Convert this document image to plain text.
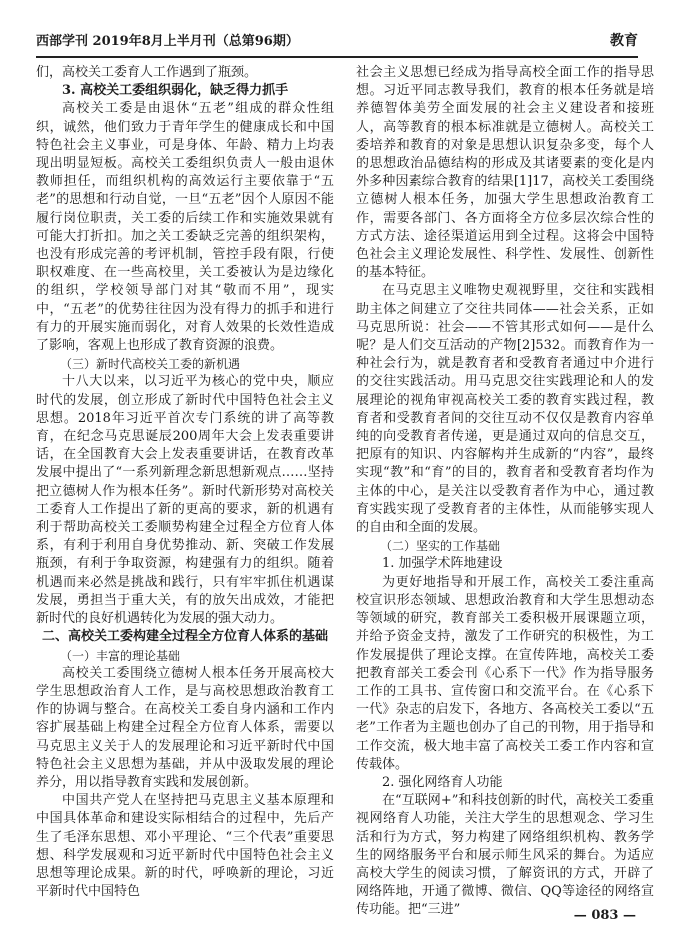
西部学刊 2019年8月上半月刊（总第96期）	教育

们，高校关工委育人工作遇到了瓶颈。

3. 高校关工委组织弱化，缺乏得力抓手

高校关工委是由退休“五老”组成的群众性组织，诚然，他们致力于青年学生的健康成长和中国特色社会主义事业，可是身体、年龄、精力上均表现出明显短板。高校关工委组织负责人一般由退休教师担任，而组织机构的高效运行主要依靠于“五老”的思想和行动自觉，一旦“五老”因个人原因不能履行岗位职责，关工委的后续工作和实施效果就有可能大打折扣。加之关工委缺乏完善的组织架构，也没有形成完善的考评机制，管控手段有限，行使职权难度、在一些高校里，关工委被认为是边缘化的组织，学校领导部门对其“敬而不用”，现实中，“五老”的优势往往因为没有得力的抓手和进行有力的开展实施而弱化，对育人效果的长效性造成了影响，客观上也形成了教育资源的浪费。

（三）新时代高校关工委的新机遇

十八大以来，以习近平为核心的党中央，顺应时代的发展，创立形成了新时代中国特色社会主义思想。2018年习近平首次专门系统的讲了高等教育，在纪念马克思诞辰200周年大会上发表重要讲话，在全国教育大会上发表重要讲话，在教育改革发展中提出了“一系列新理念新思想新观点……坚持把立德树人作为根本任务”。新时代新形势对高校关工委育人工作提出了新的更高的要求，新的机遇有利于帮助高校关工委顺势构建全过程全方位育人体系，有利于利用自身优势推动、新、突破工作发展瓶颈，有利于争取资源，构建强有力的组织。随着机遇而来必然是挑战和践行，只有牢牢抓住机遇谋发展，勇担当于重大关，有的放矢出成效，才能把新时代的良好机遇转化为发展的强大动力。

二、高校关工委构建全过程全方位育人体系的基础

（一）丰富的理论基础

高校关工委围绕立德树人根本任务开展高校大学生思想政治育人工作，是与高校思想政治教育工作的协调与整合。在高校关工委自身内涵和工作内容扩展基础上构建全过程全方位育人体系，需要以马克思主义关于人的发展理论和习近平新时代中国特色社会主义思想为基础，并从中汲取发展的理论养分，用以指导教育实践和发展创新。

中国共产党人在坚持把马克思主义基本原理和中国具体革命和建设实际相结合的过程中，先后产生了毛泽东思想、邓小平理论、“三个代表”重要思想、科学发展观和习近平新时代中国特色社会主义思想等理论成果。新的时代，呼唤新的理论，习近平新时代中国特色

社会主义思想已经成为指导高校全面工作的指导思想。习近平同志教导我们，教育的根本任务就是培养德智体美劳全面发展的社会主义建设者和接班人，高等教育的根本标准就是立德树人。高校关工委培养和教育的对象是思想认识复杂多变，每个人的思想政治品德结构的形成及其诸要素的变化是内外多种因素综合教育的结果[1]17，高校关工委围绕立德树人根本任务，加强大学生思想政治教育工作，需要各部门、各方面将全方位多层次综合性的方式方法、途径渠道运用到全过程。这将会中国特色社会主义理论发展性、科学性、发展性、创新性的基本特征。

在马克思主义唯物史观视野里，交往和实践相助主体之间建立了交往共同体——社会关系，正如马克思所说：社会——不管其形式如何——是什么呢？是人们交互活动的产物[2]532。而教育作为一种社会行为，就是教育者和受教育者通过中介进行的交往实践活动。用马克思交往实践理论和人的发展理论的视角审视高校关工委的教育实践过程，教育者和受教育者间的交往互动不仅仅是教育内容单纯的向受教育者传递，更是通过双向的信息交互，把原有的知识、内容解构并生成新的“内容”，最终实现“教”和“育”的目的，教育者和受教育者均作为主体的中心，是关注以受教育者作为中心，通过教育实践实现了受教育者的主体性，从而能够实现人的自由和全面的发展。

（二）坚实的工作基础

1. 加强学术阵地建设

为更好地指导和开展工作，高校关工委注重高校宣识形态领域、思想政治教育和大学生思想动态等领域的研究，教育部关工委积极开展课题立项，并给予资金支持，激发了工作研究的积极性，为工作发展提供了理论支撑。在宣传阵地，高校关工委把教育部关工委会刊《心系下一代》作为指导服务工作的工具书、宣传窗口和交流平台。在《心系下一代》杂志的启发下，各地方、各高校关工委以“五老”工作者为主题也创办了自己的刊物，用于指导和工作交流，极大地丰富了高校关工委工作内容和宣传载体。

2. 强化网络育人功能

在“互联网+”和科技创新的时代，高校关工委重视网络育人功能，关注大学生的思想观念、学习生活和行为方式，努力构建了网络组织机构、教务学生的网络服务平台和展示师生风采的舞台。为适应高校大学生的阅读习惯，了解资讯的方式，开辟了网络阵地，开通了微博、微信、QQ等途径的网络宣传功能。把“三进”	— 083 —
